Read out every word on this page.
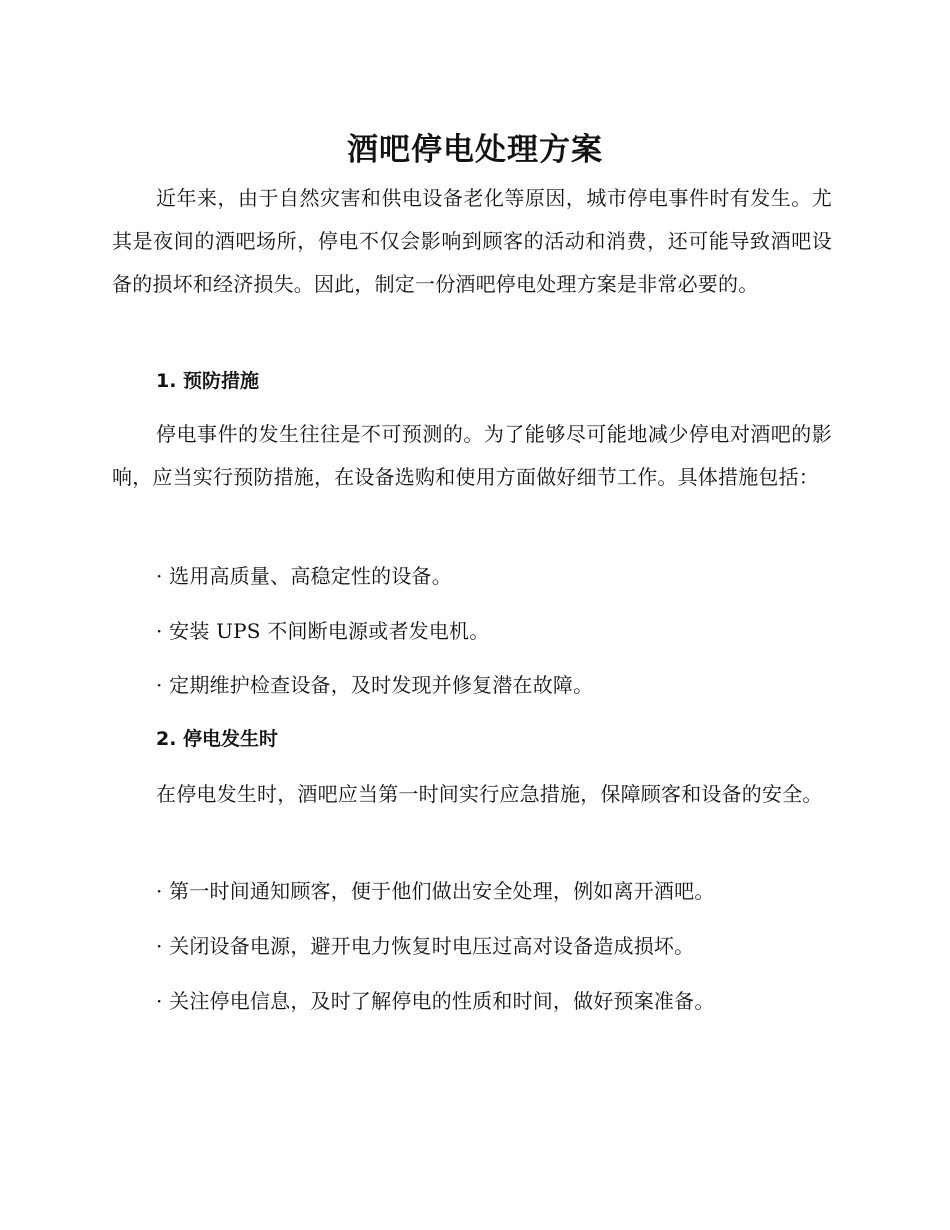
酒吧停电处理方案

近年来，由于自然灾害和供电设备老化等原因，城市停电事件时有发生。尤其是夜间的酒吧场所，停电不仅会影响到顾客的活动和消费，还可能导致酒吧设备的损坏和经济损失。因此，制定一份酒吧停电处理方案是非常必要的。

1. 预防措施

停电事件的发生往往是不可预测的。为了能够尽可能地减少停电对酒吧的影响，应当实行预防措施，在设备选购和使用方面做好细节工作。具体措施包括：

· 选用高质量、高稳定性的设备。

· 安装 UPS 不间断电源或者发电机。

· 定期维护检查设备，及时发现并修复潜在故障。

2. 停电发生时

在停电发生时，酒吧应当第一时间实行应急措施，保障顾客和设备的安全。

· 第一时间通知顾客，便于他们做出安全处理，例如离开酒吧。

· 关闭设备电源，避开电力恢复时电压过高对设备造成损坏。

· 关注停电信息，及时了解停电的性质和时间，做好预案准备。
